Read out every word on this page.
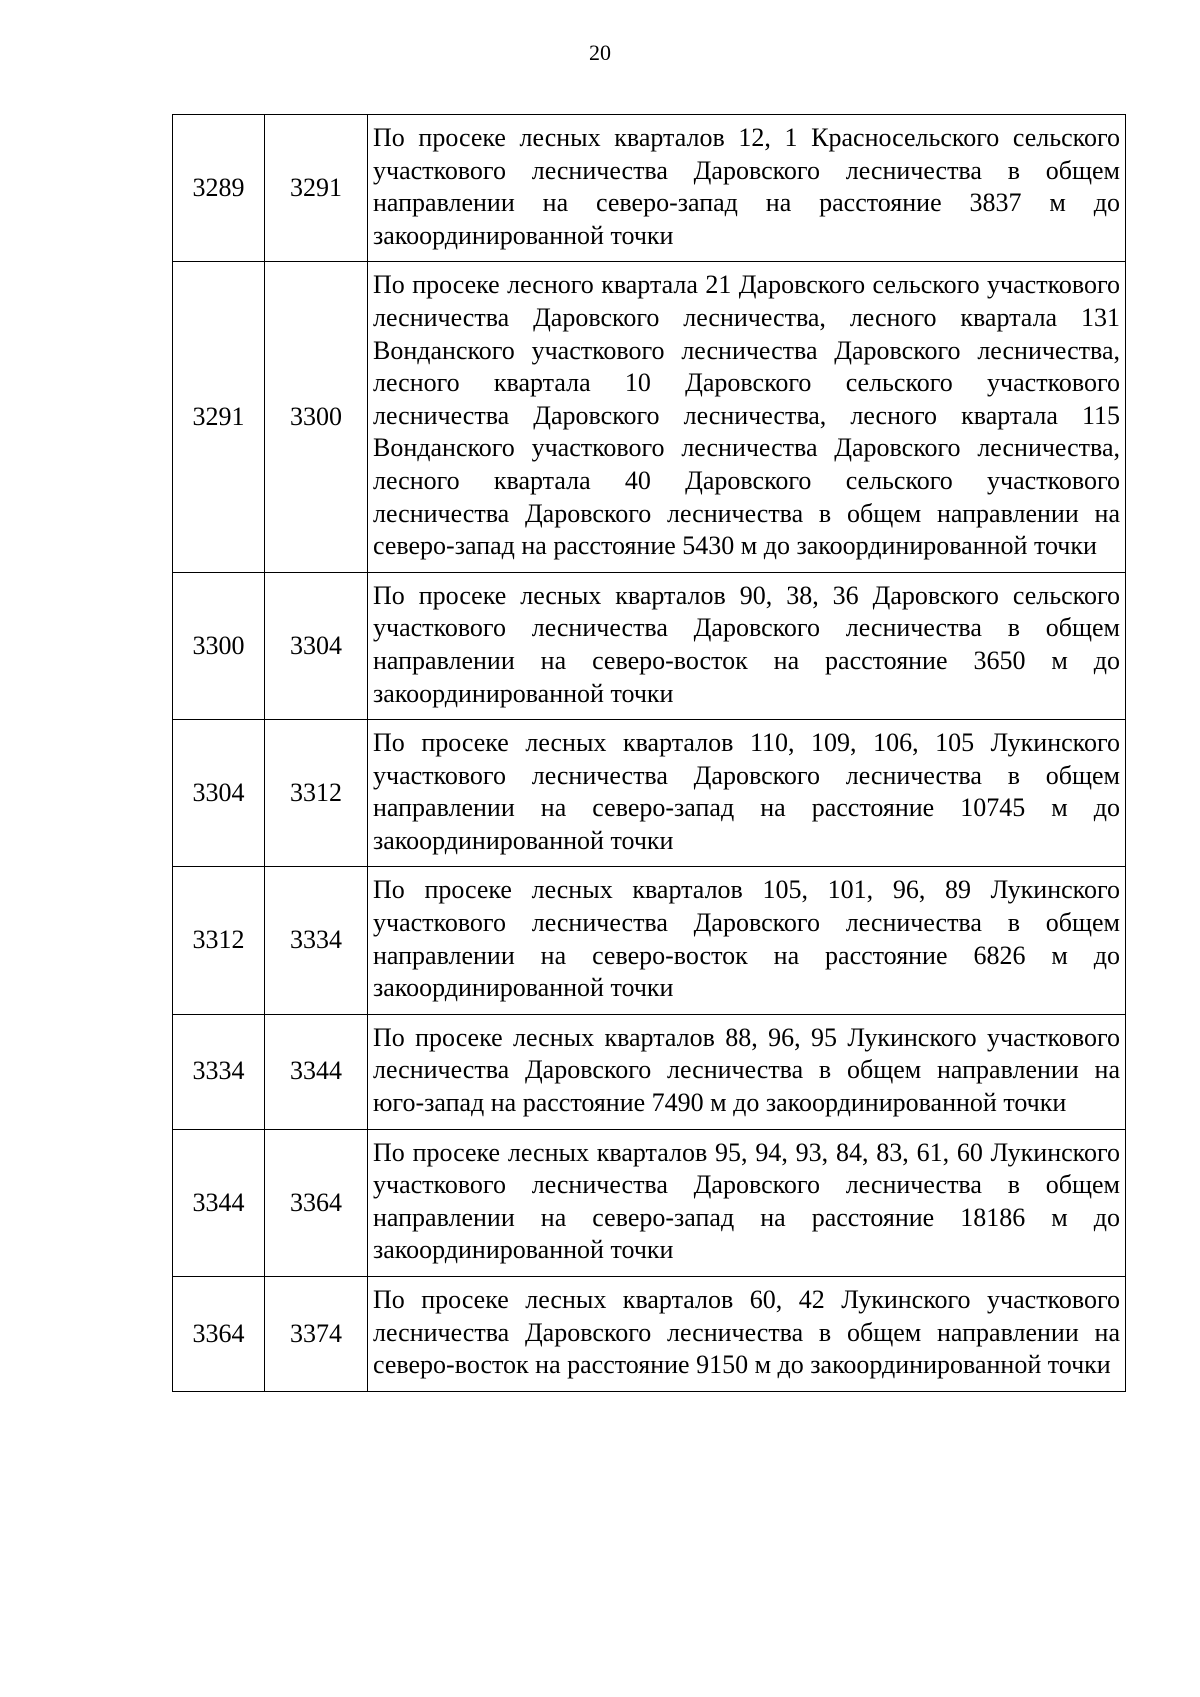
20
3289	3291	По просеке лесных кварталов 12, 1 Красносельского сельского участкового лесничества Даровского лесничества в общем направлении на северо-запад на расстояние 3837 м до закоординированной точки
3291	3300	По просеке лесного квартала 21 Даровского сельского участкового лесничества Даровского лесничества, лесного квартала 131 Вонданского участкового лесничества Даровского лесничества, лесного квартала 10 Даровского сельского участкового лесничества Даровского лесничества, лесного квартала 115 Вонданского участкового лесничества Даровского лесничества, лесного квартала 40 Даровского сельского участкового лесничества Даровского лесничества в общем направлении на северо-запад на расстояние 5430 м до закоординированной точки
3300	3304	По просеке лесных кварталов 90, 38, 36 Даровского сельского участкового лесничества Даровского лесничества в общем направлении на северо-восток на расстояние 3650 м до закоординированной точки
3304	3312	По просеке лесных кварталов 110, 109, 106, 105 Лукинского участкового лесничества Даровского лесничества в общем направлении на северо-запад на расстояние 10745 м до закоординированной точки
3312	3334	По просеке лесных кварталов 105, 101, 96, 89 Лукинского участкового лесничества Даровского лесничества в общем направлении на северо-восток на расстояние 6826 м до закоординированной точки
3334	3344	По просеке лесных кварталов 88, 96, 95 Лукинского участкового лесничества Даровского лесничества в общем направлении на юго-запад на расстояние 7490 м до закоординированной точки
3344	3364	По просеке лесных кварталов 95, 94, 93, 84, 83, 61, 60 Лукинского участкового лесничества Даровского лесничества в общем направлении на северо-запад на расстояние 18186 м до закоординированной точки
3364	3374	По просеке лесных кварталов 60, 42 Лукинского участкового лесничества Даровского лесничества в общем направлении на северо-восток на расстояние 9150 м до закоординированной точки
